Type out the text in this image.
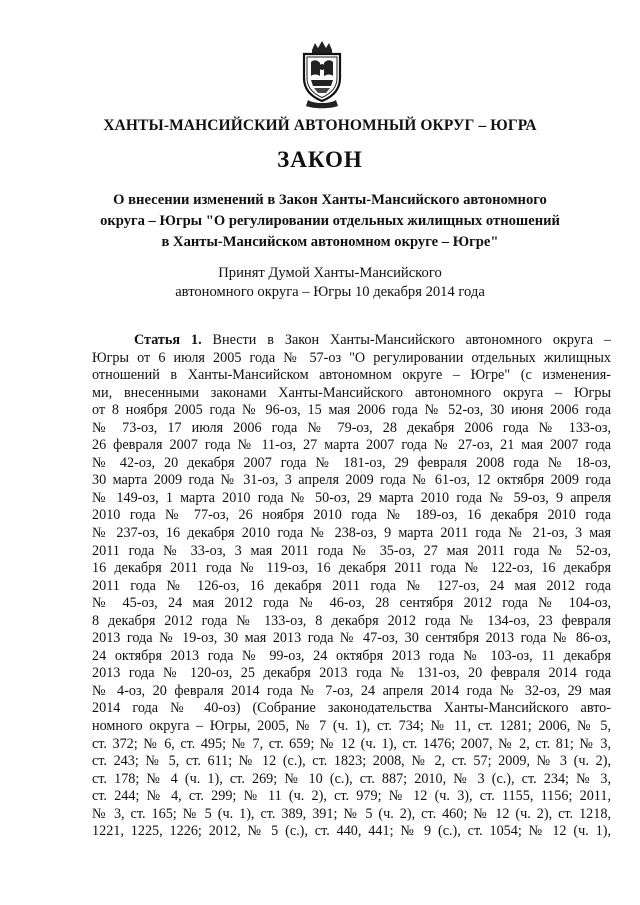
ХАНТЫ-МАНСИЙСКИЙ АВТОНОМНЫЙ ОКРУГ – ЮГРА
ЗАКОН
О внесении изменений в Закон Ханты-Мансийского автономного
округа – Югры "О регулировании отдельных жилищных отношений
в Ханты-Мансийском автономном округе – Югре"
Принят Думой Ханты-Мансийского
автономного округа – Югры 10 декабря 2014 года
Статья 1. Внести в Закон Ханты-Мансийского автономного округа –
Югры от 6 июля 2005 года № 57-оз "О регулировании отдельных жилищных
отношений в Ханты-Мансийском автономном округе – Югре" (с изменения-
ми, внесенными законами Ханты-Мансийского автономного округа – Югры
от 8 ноября 2005 года № 96-оз, 15 мая 2006 года № 52-оз, 30 июня 2006 года
№ 73-оз, 17 июля 2006 года № 79-оз, 28 декабря 2006 года № 133-оз,
26 февраля 2007 года № 11-оз, 27 марта 2007 года № 27-оз, 21 мая 2007 года
№ 42-оз, 20 декабря 2007 года № 181-оз, 29 февраля 2008 года № 18-оз,
30 марта 2009 года № 31-оз, 3 апреля 2009 года № 61-оз, 12 октября 2009 года
№ 149-оз, 1 марта 2010 года № 50-оз, 29 марта 2010 года № 59-оз, 9 апреля
2010 года № 77-оз, 26 ноября 2010 года № 189-оз, 16 декабря 2010 года
№ 237-оз, 16 декабря 2010 года № 238-оз, 9 марта 2011 года № 21-оз, 3 мая
2011 года № 33-оз, 3 мая 2011 года № 35-оз, 27 мая 2011 года № 52-оз,
16 декабря 2011 года № 119-оз, 16 декабря 2011 года № 122-оз, 16 декабря
2011 года № 126-оз, 16 декабря 2011 года № 127-оз, 24 мая 2012 года
№ 45-оз, 24 мая 2012 года № 46-оз, 28 сентября 2012 года № 104-оз,
8 декабря 2012 года № 133-оз, 8 декабря 2012 года № 134-оз, 23 февраля
2013 года № 19-оз, 30 мая 2013 года № 47-оз, 30 сентября 2013 года № 86-оз,
24 октября 2013 года № 99-оз, 24 октября 2013 года № 103-оз, 11 декабря
2013 года № 120-оз, 25 декабря 2013 года № 131-оз, 20 февраля 2014 года
№ 4-оз, 20 февраля 2014 года № 7-оз, 24 апреля 2014 года № 32-оз, 29 мая
2014 года № 40-оз) (Собрание законодательства Ханты-Мансийского авто-
номного округа – Югры, 2005, № 7 (ч. 1), ст. 734; № 11, ст. 1281; 2006, № 5,
ст. 372; № 6, ст. 495; № 7, ст. 659; № 12 (ч. 1), ст. 1476; 2007, № 2, ст. 81; № 3,
ст. 243; № 5, ст. 611; № 12 (с.), ст. 1823; 2008, № 2, ст. 57; 2009, № 3 (ч. 2),
ст. 178; № 4 (ч. 1), ст. 269; № 10 (с.), ст. 887; 2010, № 3 (с.), ст. 234; № 3,
ст. 244; № 4, ст. 299; № 11 (ч. 2), ст. 979; № 12 (ч. 3), ст. 1155, 1156; 2011,
№ 3, ст. 165; № 5 (ч. 1), ст. 389, 391; № 5 (ч. 2), ст. 460; № 12 (ч. 2), ст. 1218,
1221, 1225, 1226; 2012, № 5 (с.), ст. 440, 441; № 9 (с.), ст. 1054; № 12 (ч. 1),
